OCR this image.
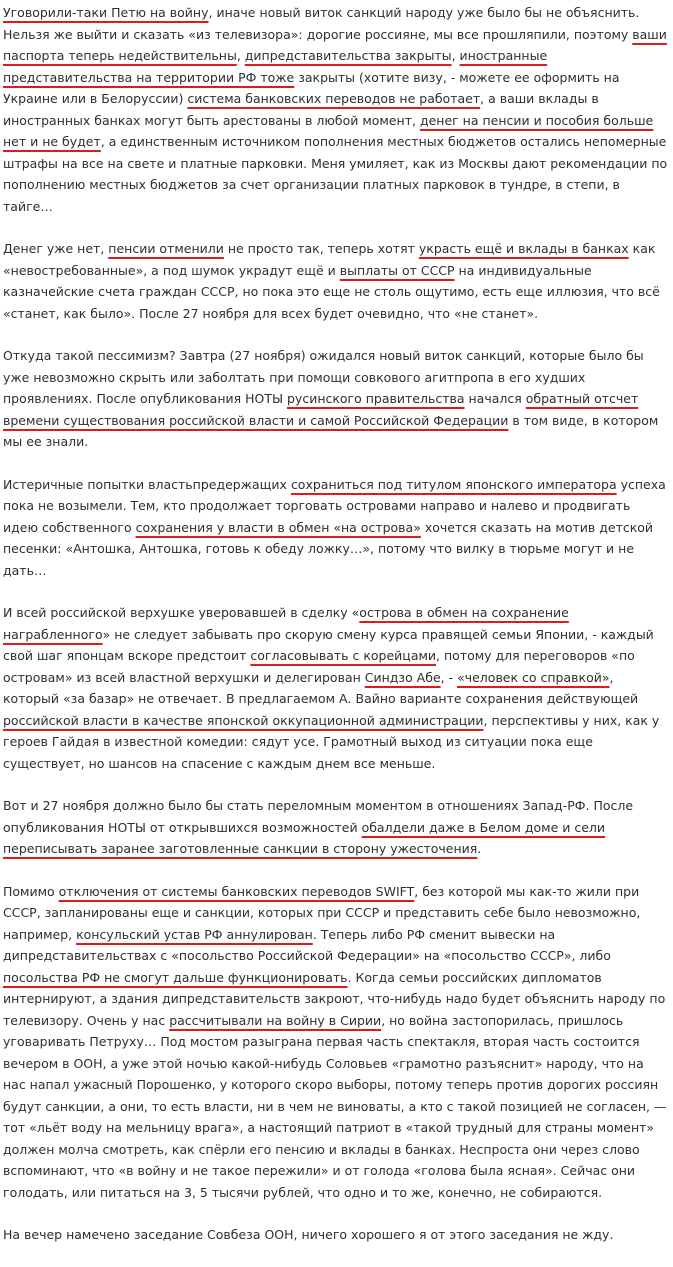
Уговорили-таки Петю на войну, иначе новый виток санкций народу уже было бы не объяснить. Нельзя же выйти и сказать «из телевизора»: дорогие россияне, мы все прошляпили, поэтому ваши паспорта теперь недействительны, дипредставительства закрыты, иностранные представительства на территории РФ тоже закрыты (хотите визу, - можете ее оформить на Украине или в Белоруссии) система банковских переводов не работает, а ваши вклады в иностранных банках могут быть арестованы в любой момент, денег на пенсии и пособия больше нет и не будет, а единственным источником пополнения местных бюджетов остались непомерные штрафы на все на свете и платные парковки. Меня умиляет, как из Москвы дают рекомендации по пополнению местных бюджетов за счет организации платных парковок в тундре, в степи, в тайге…

Денег уже нет, пенсии отменили не просто так, теперь хотят украсть ещё и вклады в банках как «невостребованные», а под шумок украдут ещё и выплаты от СССР на индивидуальные казначейские счета граждан СССР, но пока это еще не столь ощутимо, есть еще иллюзия, что всё «станет, как было». После 27 ноября для всех будет очевидно, что «не станет».

Откуда такой пессимизм? Завтра (27 ноября) ожидался новый виток санкций, которые было бы уже невозможно скрыть или заболтать при помощи совкового агитпропа в его худших проявлениях. После опубликования НОТЫ русинского правительства начался обратный отсчет времени существования российской власти и самой Российской Федерации в том виде, в котором мы ее знали.

Истеричные попытки властьпредержащих сохраниться под титулом японского императора успеха пока не возымели. Тем, кто продолжает торговать островами направо и налево и продвигать идею собственного сохранения у власти в обмен «на острова» хочется сказать на мотив детской песенки: «Антошка, Антошка, готовь к обеду ложку…», потому что вилку в тюрьме могут и не дать…

И всей российской верхушке уверовавшей в сделку «острова в обмен на сохранение награбленного» не следует забывать про скорую смену курса правящей семьи Японии, - каждый свой шаг японцам вскоре предстоит согласовывать с корейцами, потому для переговоров «по островам» из всей властной верхушки и делегирован Синдзо Абе, - «человек со справкой», который «за базар» не отвечает. В предлагаемом А. Вайно варианте сохранения действующей российской власти в качестве японской оккупационной администрации, перспективы у них, как у героев Гайдая в известной комедии: сядут усе. Грамотный выход из ситуации пока еще существует, но шансов на спасение с каждым днем все меньше.

Вот и 27 ноября должно было бы стать переломным моментом в отношениях Запад-РФ. После опубликования НОТЫ от открывшихся возможностей обалдели даже в Белом доме и сели переписывать заранее заготовленные санкции в сторону ужесточения.

Помимо отключения от системы банковских переводов SWIFT, без которой мы как-то жили при СССР, запланированы еще и санкции, которых при СССР и представить себе было невозможно, например, консульский устав РФ аннулирован. Теперь либо РФ сменит вывески на дипредставительствах с «посольство Российской Федерации» на «посольство СССР», либо посольства РФ не смогут дальше функционировать. Когда семьи российских дипломатов интернируют, а здания дипредставительств закроют, что-нибудь надо будет объяснить народу по телевизору. Очень у нас рассчитывали на войну в Сирии, но война застопорилась, пришлось уговаривать Петруху… Под мостом разыграна первая часть спектакля, вторая часть состоится вечером в ООН, а уже этой ночью какой-нибудь Соловьев «грамотно разъяснит» народу, что на нас напал ужасный Порошенко, у которого скоро выборы, потому теперь против дорогих россиян будут санкции, а они, то есть власти, ни в чем не виноваты, а кто с такой позицией не согласен, — тот «льёт воду на мельницу врага», а настоящий патриот в «такой трудный для страны момент» должен молча смотреть, как спёрли его пенсию и вклады в банках. Неспроста они через слово вспоминают, что «в войну и не такое пережили» и от голода «голова была ясная». Сейчас они голодать, или питаться на 3, 5 тысячи рублей, что одно и то же, конечно, не собираются.

На вечер намечено заседание Совбеза ООН, ничего хорошего я от этого заседания не жду.
